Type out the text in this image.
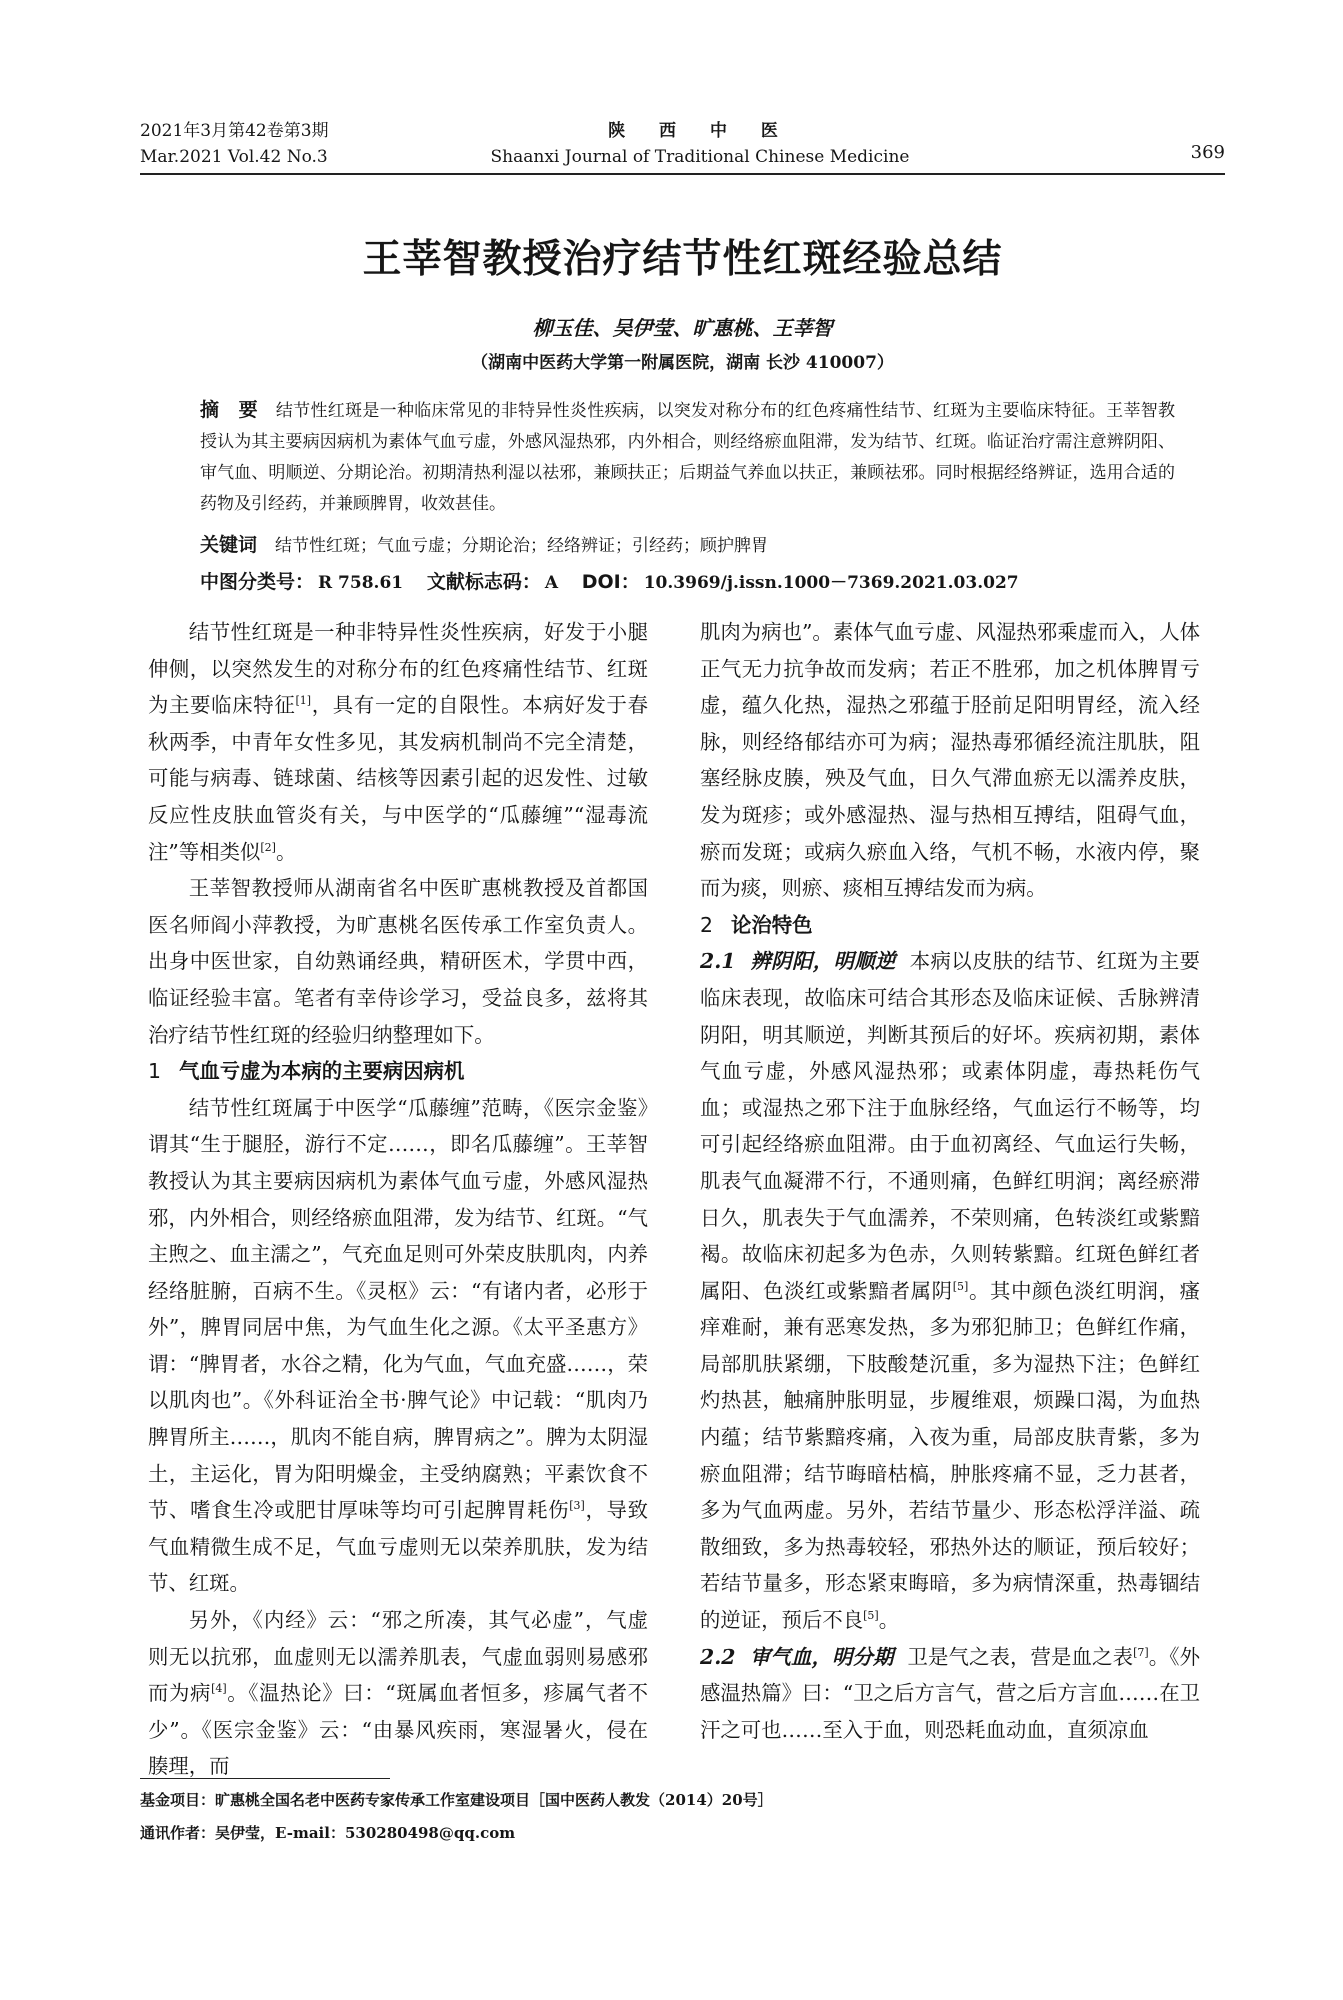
2021年3月第42卷第3期
Mar.2021 Vol.42 No.3
陕 西 中 医
Shaanxi Journal of Traditional Chinese Medicine	369
王莘智教授治疗结节性红斑经验总结
柳玉佳、吴伊莹、旷惠桃、王莘智
（湖南中医药大学第一附属医院，湖南 长沙 410007）
摘　要 结节性红斑是一种临床常见的非特异性炎性疾病，以突发对称分布的红色疼痛性结节、红斑为主要临床特征。王莘智教授认为其主要病因病机为素体气血亏虚，外感风湿热邪，内外相合，则经络瘀血阻滞，发为结节、红斑。临证治疗需注意辨阴阳、审气血、明顺逆、分期论治。初期清热利湿以祛邪，兼顾扶正；后期益气养血以扶正，兼顾祛邪。同时根据经络辨证，选用合适的药物及引经药，并兼顾脾胃，收效甚佳。
关键词 结节性红斑；气血亏虚；分期论治；经络辨证；引经药；顾护脾胃
中图分类号： R 758.61 文献标志码： A DOI： 10.3969/j.issn.1000－7369.2021.03.027

结节性红斑是一种非特异性炎性疾病，好发于小腿伸侧，以突然发生的对称分布的红色疼痛性结节、红斑为主要临床特征[1]，具有一定的自限性。本病好发于春秋两季，中青年女性多见，其发病机制尚不完全清楚，可能与病毒、链球菌、结核等因素引起的迟发性、过敏反应性皮肤血管炎有关，与中医学的“瓜藤缠”“湿毒流注”等相类似[2]。

王莘智教授师从湖南省名中医旷惠桃教授及首都国医名师阎小萍教授，为旷惠桃名医传承工作室负责人。出身中医世家，自幼熟诵经典，精研医术，学贯中西，临证经验丰富。笔者有幸侍诊学习，受益良多，兹将其治疗结节性红斑的经验归纳整理如下。

1 气血亏虚为本病的主要病因病机

结节性红斑属于中医学“瓜藤缠”范畴，《医宗金鉴》谓其“生于腿胫，游行不定……，即名瓜藤缠”。王莘智教授认为其主要病因病机为素体气血亏虚，外感风湿热邪，内外相合，则经络瘀血阻滞，发为结节、红斑。“气主煦之、血主濡之”，气充血足则可外荣皮肤肌肉，内养经络脏腑，百病不生。《灵枢》云：“有诸内者，必形于外”，脾胃同居中焦，为气血生化之源。《太平圣惠方》谓：“脾胃者，水谷之精，化为气血，气血充盛……，荣以肌肉也”。《外科证治全书·脾气论》中记载：“肌肉乃脾胃所主……，肌肉不能自病，脾胃病之”。脾为太阴湿土，主运化，胃为阳明燥金，主受纳腐熟；平素饮食不节、嗜食生冷或肥甘厚味等均可引起脾胃耗伤[3]，导致气血精微生成不足，气血亏虚则无以荣养肌肤，发为结节、红斑。

另外，《内经》云：“邪之所凑，其气必虚”，气虚则无以抗邪，血虚则无以濡养肌表，气虚血弱则易感邪而为病[4]。《温热论》曰：“斑属血者恒多，疹属气者不少”。《医宗金鉴》云：“由暴风疾雨，寒湿暑火，侵在腠理，而

肌肉为病也”。素体气血亏虚、风湿热邪乘虚而入，人体正气无力抗争故而发病；若正不胜邪，加之机体脾胃亏虚，蕴久化热，湿热之邪蕴于胫前足阳明胃经，流入经脉，则经络郁结亦可为病；湿热毒邪循经流注肌肤，阻塞经脉皮腠，殃及气血，日久气滞血瘀无以濡养皮肤，发为斑疹；或外感湿热、湿与热相互搏结，阻碍气血，瘀而发斑；或病久瘀血入络，气机不畅，水液内停，聚而为痰，则瘀、痰相互搏结发而为病。

2 论治特色

2.1 辨阴阳，明顺逆 本病以皮肤的结节、红斑为主要临床表现，故临床可结合其形态及临床证候、舌脉辨清阴阳，明其顺逆，判断其预后的好坏。疾病初期，素体气血亏虚，外感风湿热邪；或素体阴虚，毒热耗伤气血；或湿热之邪下注于血脉经络，气血运行不畅等，均可引起经络瘀血阻滞。由于血初离经、气血运行失畅，肌表气血凝滞不行，不通则痛，色鲜红明润；离经瘀滞日久，肌表失于气血濡养，不荣则痛，色转淡红或紫黯褐。故临床初起多为色赤，久则转紫黯。红斑色鲜红者属阳、色淡红或紫黯者属阴[5]。其中颜色淡红明润，瘙痒难耐，兼有恶寒发热，多为邪犯肺卫；色鲜红作痛，局部肌肤紧绷，下肢酸楚沉重，多为湿热下注；色鲜红灼热甚，触痛肿胀明显，步履维艰，烦躁口渴，为血热内蕴；结节紫黯疼痛，入夜为重，局部皮肤青紫，多为瘀血阻滞；结节晦暗枯槁，肿胀疼痛不显，乏力甚者，多为气血两虚。另外，若结节量少、形态松浮洋溢、疏散细致，多为热毒较轻，邪热外达的顺证，预后较好；若结节量多，形态紧束晦暗，多为病情深重，热毒锢结的逆证，预后不良[5]。

2.2 审气血，明分期 卫是气之表，营是血之表[7]。《外感温热篇》曰：“卫之后方言气，营之后方言血……在卫汗之可也……至入于血，则恐耗血动血，直须凉血

基金项目：旷惠桃全国名老中医药专家传承工作室建设项目［国中医药人教发（2014）20号］
通讯作者：吴伊莹，E-mail：530280498@qq.com
